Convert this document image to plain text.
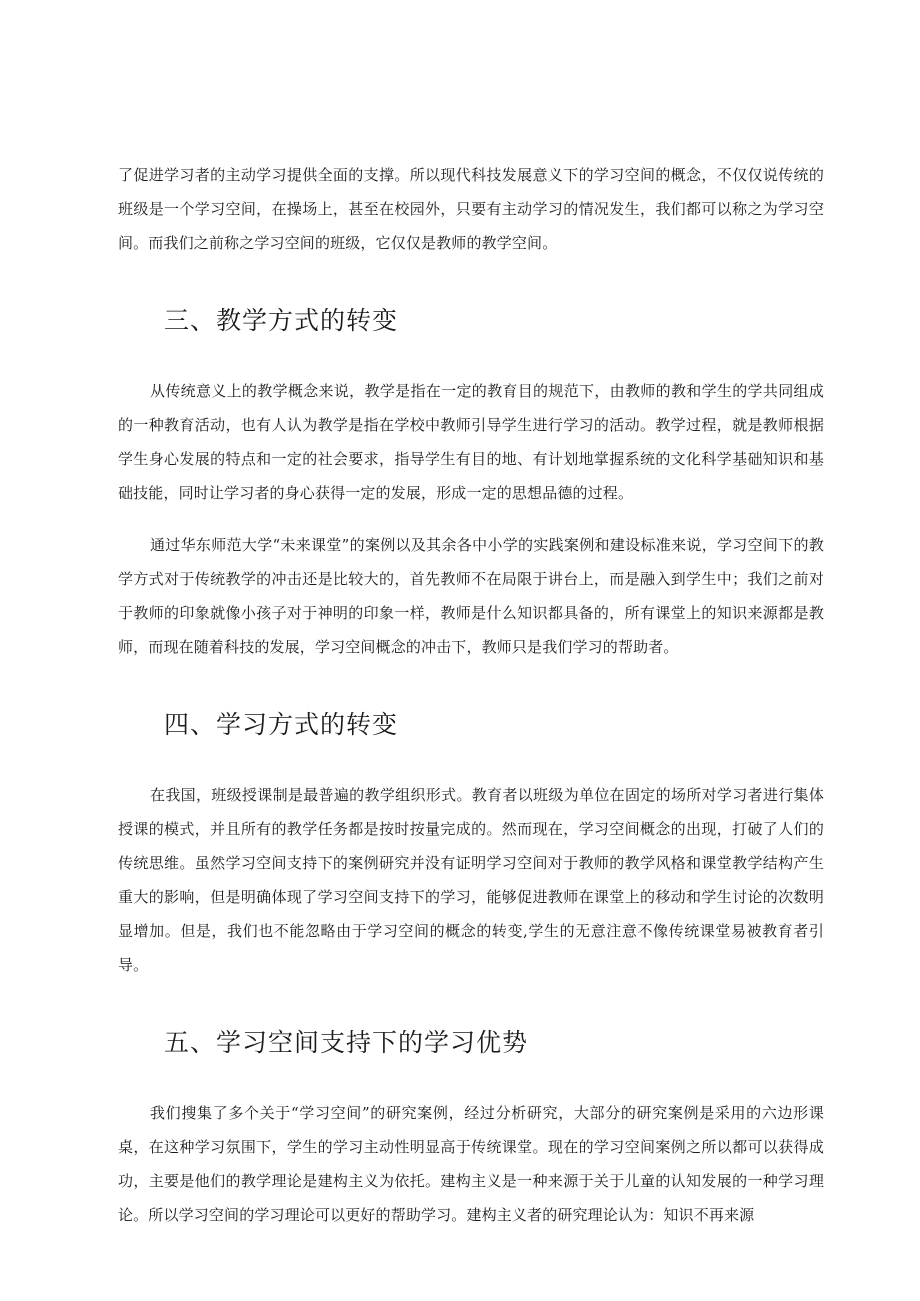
了促进学习者的主动学习提供全面的支撑。所以现代科技发展意义下的学习空间的概念，不仅仅说传统的班级是一个学习空间，在操场上，甚至在校园外，只要有主动学习的情况发生，我们都可以称之为学习空间。而我们之前称之学习空间的班级，它仅仅是教师的教学空间。

三、教学方式的转变

从传统意义上的教学概念来说，教学是指在一定的教育目的规范下，由教师的教和学生的学共同组成的一种教育活动，也有人认为教学是指在学校中教师引导学生进行学习的活动。教学过程，就是教师根据学生身心发展的特点和一定的社会要求，指导学生有目的地、有计划地掌握系统的文化科学基础知识和基础技能，同时让学习者的身心获得一定的发展，形成一定的思想品德的过程。

通过华东师范大学“未来课堂”的案例以及其余各中小学的实践案例和建设标准来说，学习空间下的教学方式对于传统教学的冲击还是比较大的，首先教师不在局限于讲台上，而是融入到学生中；我们之前对于教师的印象就像小孩子对于神明的印象一样，教师是什么知识都具备的，所有课堂上的知识来源都是教师，而现在随着科技的发展，学习空间概念的冲击下，教师只是我们学习的帮助者。

四、学习方式的转变

在我国，班级授课制是最普遍的教学组织形式。教育者以班级为单位在固定的场所对学习者进行集体授课的模式，并且所有的教学任务都是按时按量完成的。然而现在，学习空间概念的出现，打破了人们的传统思维。虽然学习空间支持下的案例研究并没有证明学习空间对于教师的教学风格和课堂教学结构产生重大的影响，但是明确体现了学习空间支持下的学习，能够促进教师在课堂上的移动和学生讨论的次数明显增加。但是，我们也不能忽略由于学习空间的概念的转变,学生的无意注意不像传统课堂易被教育者引导。

五、学习空间支持下的学习优势

我们搜集了多个关于“学习空间”的研究案例，经过分析研究，大部分的研究案例是采用的六边形课桌，在这种学习氛围下，学生的学习主动性明显高于传统课堂。现在的学习空间案例之所以都可以获得成功，主要是他们的教学理论是建构主义为依托。建构主义是一种来源于关于儿童的认知发展的一种学习理论。所以学习空间的学习理论可以更好的帮助学习。建构主义者的研究理论认为：知识不再来源
